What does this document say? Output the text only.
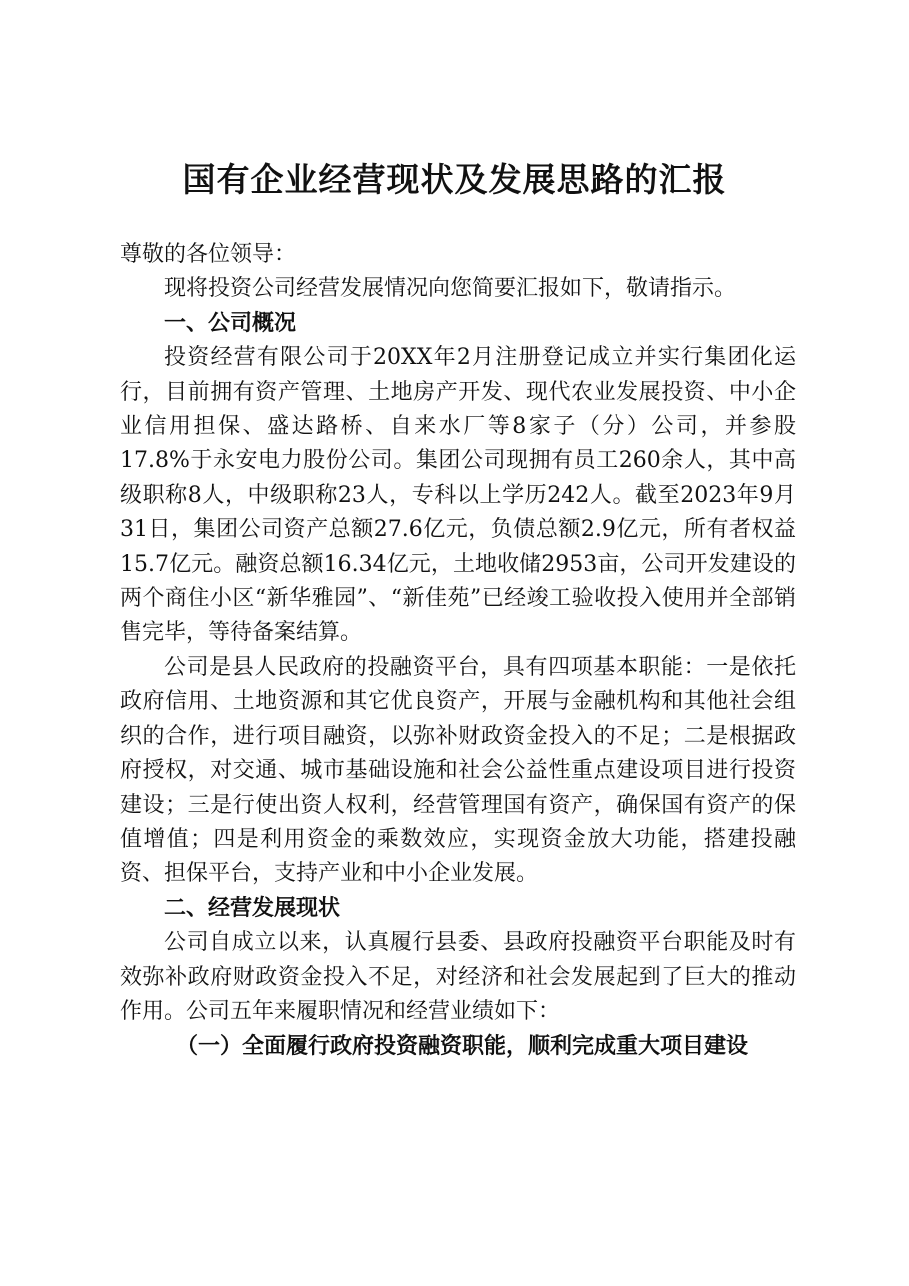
国有企业经营现状及发展思路的汇报

尊敬的各位领导：

现将投资公司经营发展情况向您简要汇报如下，敬请指示。

一、公司概况

投资经营有限公司于20XX年2月注册登记成立并实行集团化运行，目前拥有资产管理、土地房产开发、现代农业发展投资、中小企业信用担保、盛达路桥、自来水厂等8家子（分）公司，并参股17.8%于永安电力股份公司。集团公司现拥有员工260余人，其中高级职称8人，中级职称23人，专科以上学历242人。截至2023年9月31日，集团公司资产总额27.6亿元，负债总额2.9亿元，所有者权益15.7亿元。融资总额16.34亿元，土地收储2953亩，公司开发建设的两个商住小区“新华雅园”、“新佳苑”已经竣工验收投入使用并全部销售完毕，等待备案结算。

公司是县人民政府的投融资平台，具有四项基本职能：一是依托政府信用、土地资源和其它优良资产，开展与金融机构和其他社会组织的合作，进行项目融资，以弥补财政资金投入的不足；二是根据政府授权，对交通、城市基础设施和社会公益性重点建设项目进行投资建设；三是行使出资人权利，经营管理国有资产，确保国有资产的保值增值；四是利用资金的乘数效应，实现资金放大功能，搭建投融资、担保平台，支持产业和中小企业发展。

二、经营发展现状

公司自成立以来，认真履行县委、县政府投融资平台职能及时有效弥补政府财政资金投入不足，对经济和社会发展起到了巨大的推动作用。公司五年来履职情况和经营业绩如下：

（一）全面履行政府投资融资职能，顺利完成重大项目建设
